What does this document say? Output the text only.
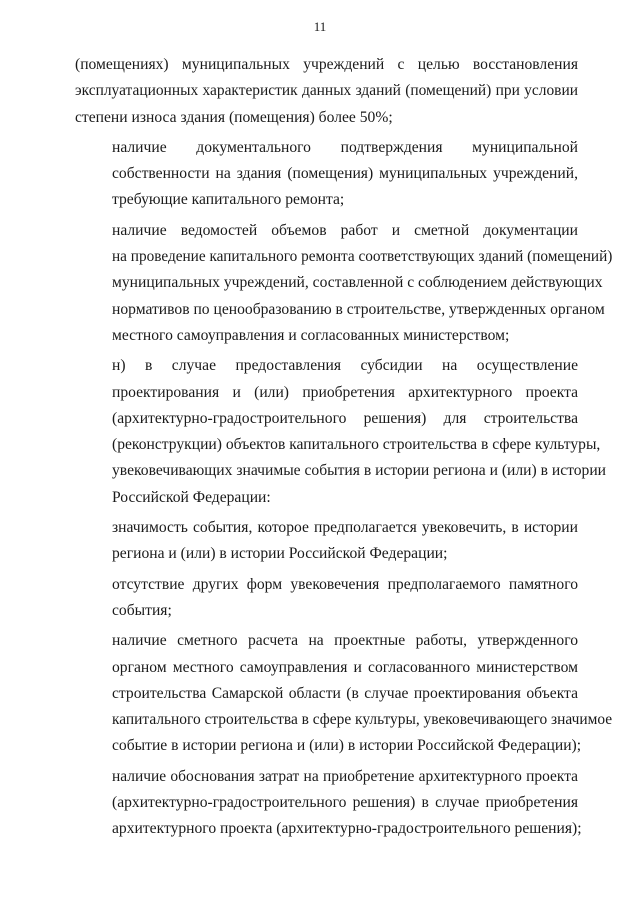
11

(помещениях) муниципальных учреждений с целью восстановления
эксплуатационных характеристик данных зданий (помещений) при условии
степени износа здания (помещения) более 50%;

наличие документального подтверждения муниципальной
собственности на здания (помещения) муниципальных учреждений,
требующие капитального ремонта;

наличие ведомостей объемов работ и сметной документации
на проведение капитального ремонта соответствующих зданий (помещений)
муниципальных учреждений, составленной с соблюдением действующих
нормативов по ценообразованию в строительстве, утвержденных органом
местного самоуправления и согласованных министерством;

н) в случае предоставления субсидии на осуществление
проектирования и (или) приобретения архитектурного проекта
(архитектурно-градостроительного решения) для строительства
(реконструкции) объектов капитального строительства в сфере культуры,
увековечивающих значимые события в истории региона и (или) в истории
Российской Федерации:

значимость события, которое предполагается увековечить, в истории
региона и (или) в истории Российской Федерации;

отсутствие других форм увековечения предполагаемого памятного
события;

наличие сметного расчета на проектные работы, утвержденного
органом местного самоуправления и согласованного министерством
строительства Самарской области (в случае проектирования объекта
капитального строительства в сфере культуры, увековечивающего значимое
событие в истории региона и (или) в истории Российской Федерации);

наличие обоснования затрат на приобретение архитектурного проекта
(архитектурно-градостроительного решения) в случае приобретения
архитектурного проекта (архитектурно-градостроительного решения);
